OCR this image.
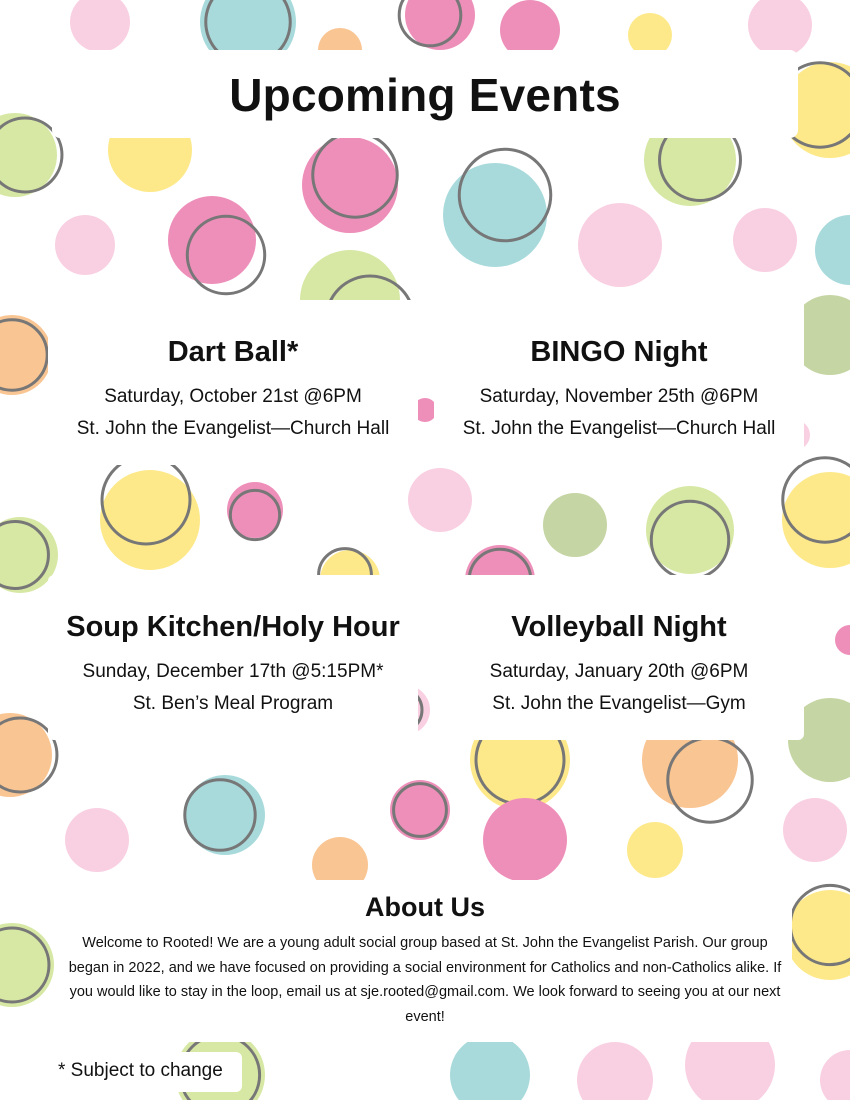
Upcoming Events
Dart Ball*

Saturday, October 21st @6PM

St. John the Evangelist—Church Hall

BINGO Night

Saturday, November 25th @6PM

St. John the Evangelist—Church Hall

Soup Kitchen/Holy Hour

Sunday, December 17th @5:15PM*

St. Ben’s Meal Program

Volleyball Night

Saturday, January 20th @6PM

St. John the Evangelist—Gym

About Us

Welcome to Rooted! We are a young adult social group based at St. John the Evangelist Parish. Our group began in 2022, and we have focused on providing a social environment for Catholics and non-Catholics alike. If you would like to stay in the loop, email us at sje.rooted@gmail.com. We look forward to seeing you at our next event!

* Subject to change
